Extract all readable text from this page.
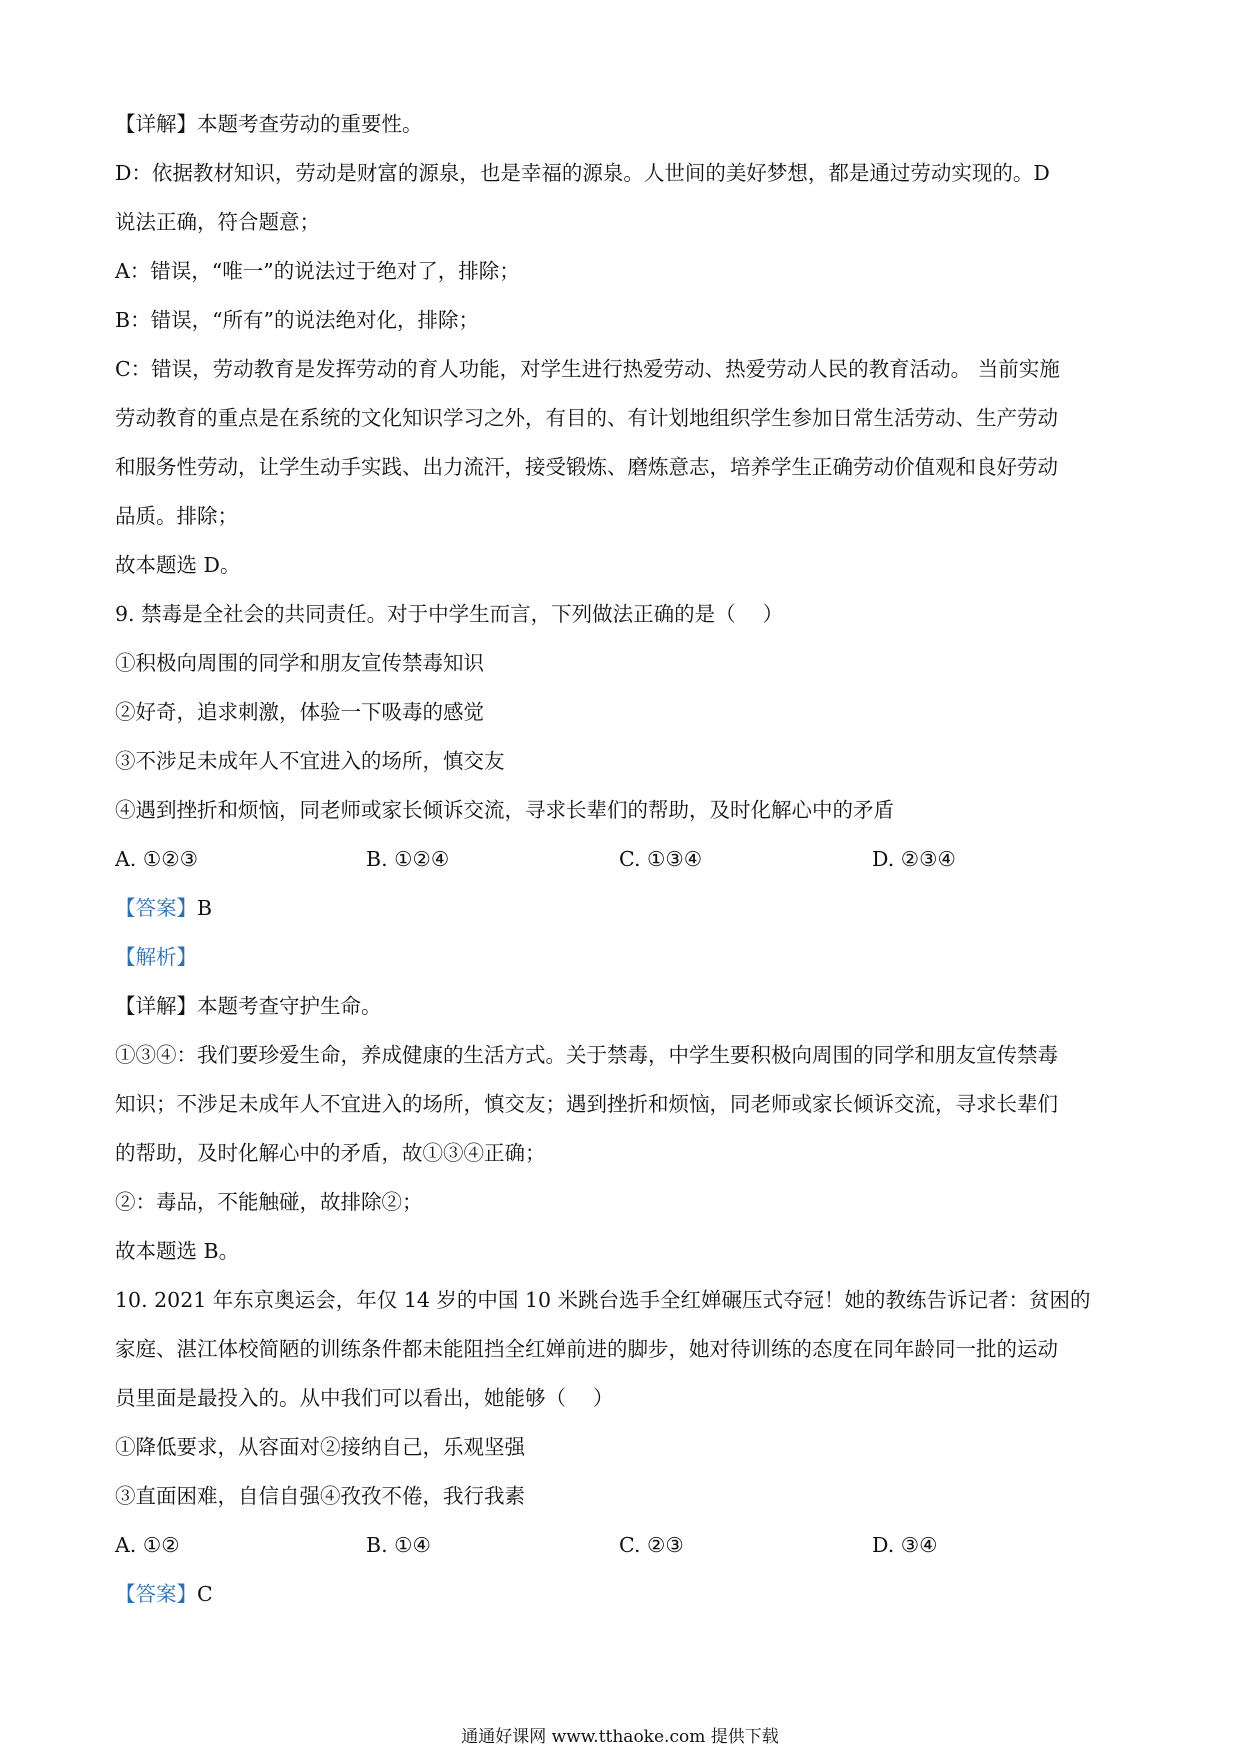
【详解】本题考查劳动的重要性。
D：依据教材知识，劳动是财富的源泉，也是幸福的源泉。人世间的美好梦想，都是通过劳动实现的。D
说法正确，符合题意；
A：错误，“唯一”的说法过于绝对了，排除；
B：错误，“所有”的说法绝对化，排除；
C：错误，劳动教育是发挥劳动的育人功能，对学生进行热爱劳动、热爱劳动人民的教育活动。 当前实施
劳动教育的重点是在系统的文化知识学习之外，有目的、有计划地组织学生参加日常生活劳动、生产劳动
和服务性劳动，让学生动手实践、出力流汗，接受锻炼、磨炼意志，培养学生正确劳动价值观和良好劳动
品质。排除；
故本题选 D。
9. 禁毒是全社会的共同责任。对于中学生而言，下列做法正确的是（　 ）
①积极向周围的同学和朋友宣传禁毒知识
②好奇，追求刺激，体验一下吸毒的感觉
③不涉足未成年人不宜进入的场所，慎交友
④遇到挫折和烦恼，同老师或家长倾诉交流，寻求长辈们的帮助，及时化解心中的矛盾
A. ①②③	B. ①②④	C. ①③④	D. ②③④
【答案】B
【解析】
【详解】本题考查守护生命。
①③④：我们要珍爱生命，养成健康的生活方式。关于禁毒，中学生要积极向周围的同学和朋友宣传禁毒
知识；不涉足未成年人不宜进入的场所，慎交友；遇到挫折和烦恼，同老师或家长倾诉交流，寻求长辈们
的帮助，及时化解心中的矛盾，故①③④正确；
②：毒品，不能触碰，故排除②；
故本题选 B。
10. 2021 年东京奥运会，年仅 14 岁的中国 10 米跳台选手全红婵碾压式夺冠！她的教练告诉记者：贫困的
家庭、湛江体校简陋的训练条件都未能阻挡全红婵前进的脚步，她对待训练的态度在同年龄同一批的运动
员里面是最投入的。从中我们可以看出，她能够（　 ）
①降低要求，从容面对②接纳自己，乐观坚强
③直面困难，自信自强④孜孜不倦，我行我素
A. ①②	B. ①④	C. ②③	D. ③④
【答案】C
通通好课网 www.tthaoke.com 提供下载
